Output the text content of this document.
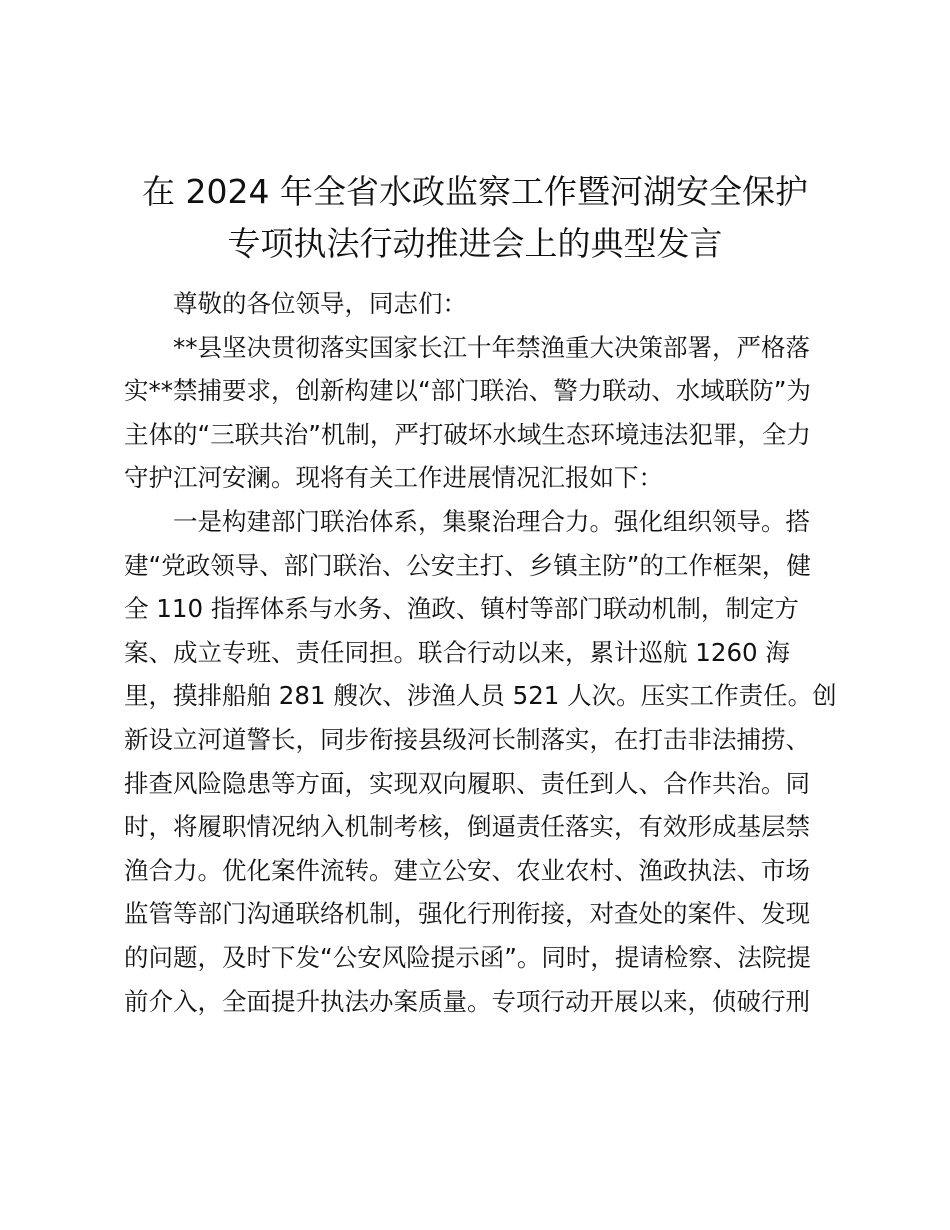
在 2024 年全省水政监察工作暨河湖安全保护
专项执法行动推进会上的典型发言
尊敬的各位领导，同志们：
**县坚决贯彻落实国家长江十年禁渔重大决策部署，严格落
实**禁捕要求，创新构建以“部门联治、警力联动、水域联防”为
主体的“三联共治”机制，严打破坏水域生态环境违法犯罪，全力
守护江河安澜。现将有关工作进展情况汇报如下：
一是构建部门联治体系，集聚治理合力。强化组织领导。搭
建“党政领导、部门联治、公安主打、乡镇主防”的工作框架，健
全 110 指挥体系与水务、渔政、镇村等部门联动机制，制定方
案、成立专班、责任同担。联合行动以来，累计巡航 1260 海
里，摸排船舶 281 艘次、涉渔人员 521 人次。压实工作责任。创
新设立河道警长，同步衔接县级河长制落实，在打击非法捕捞、
排查风险隐患等方面，实现双向履职、责任到人、合作共治。同
时，将履职情况纳入机制考核，倒逼责任落实，有效形成基层禁
渔合力。优化案件流转。建立公安、农业农村、渔政执法、市场
监管等部门沟通联络机制，强化行刑衔接，对查处的案件、发现
的问题，及时下发“公安风险提示函”。同时，提请检察、法院提
前介入，全面提升执法办案质量。专项行动开展以来，侦破行刑
